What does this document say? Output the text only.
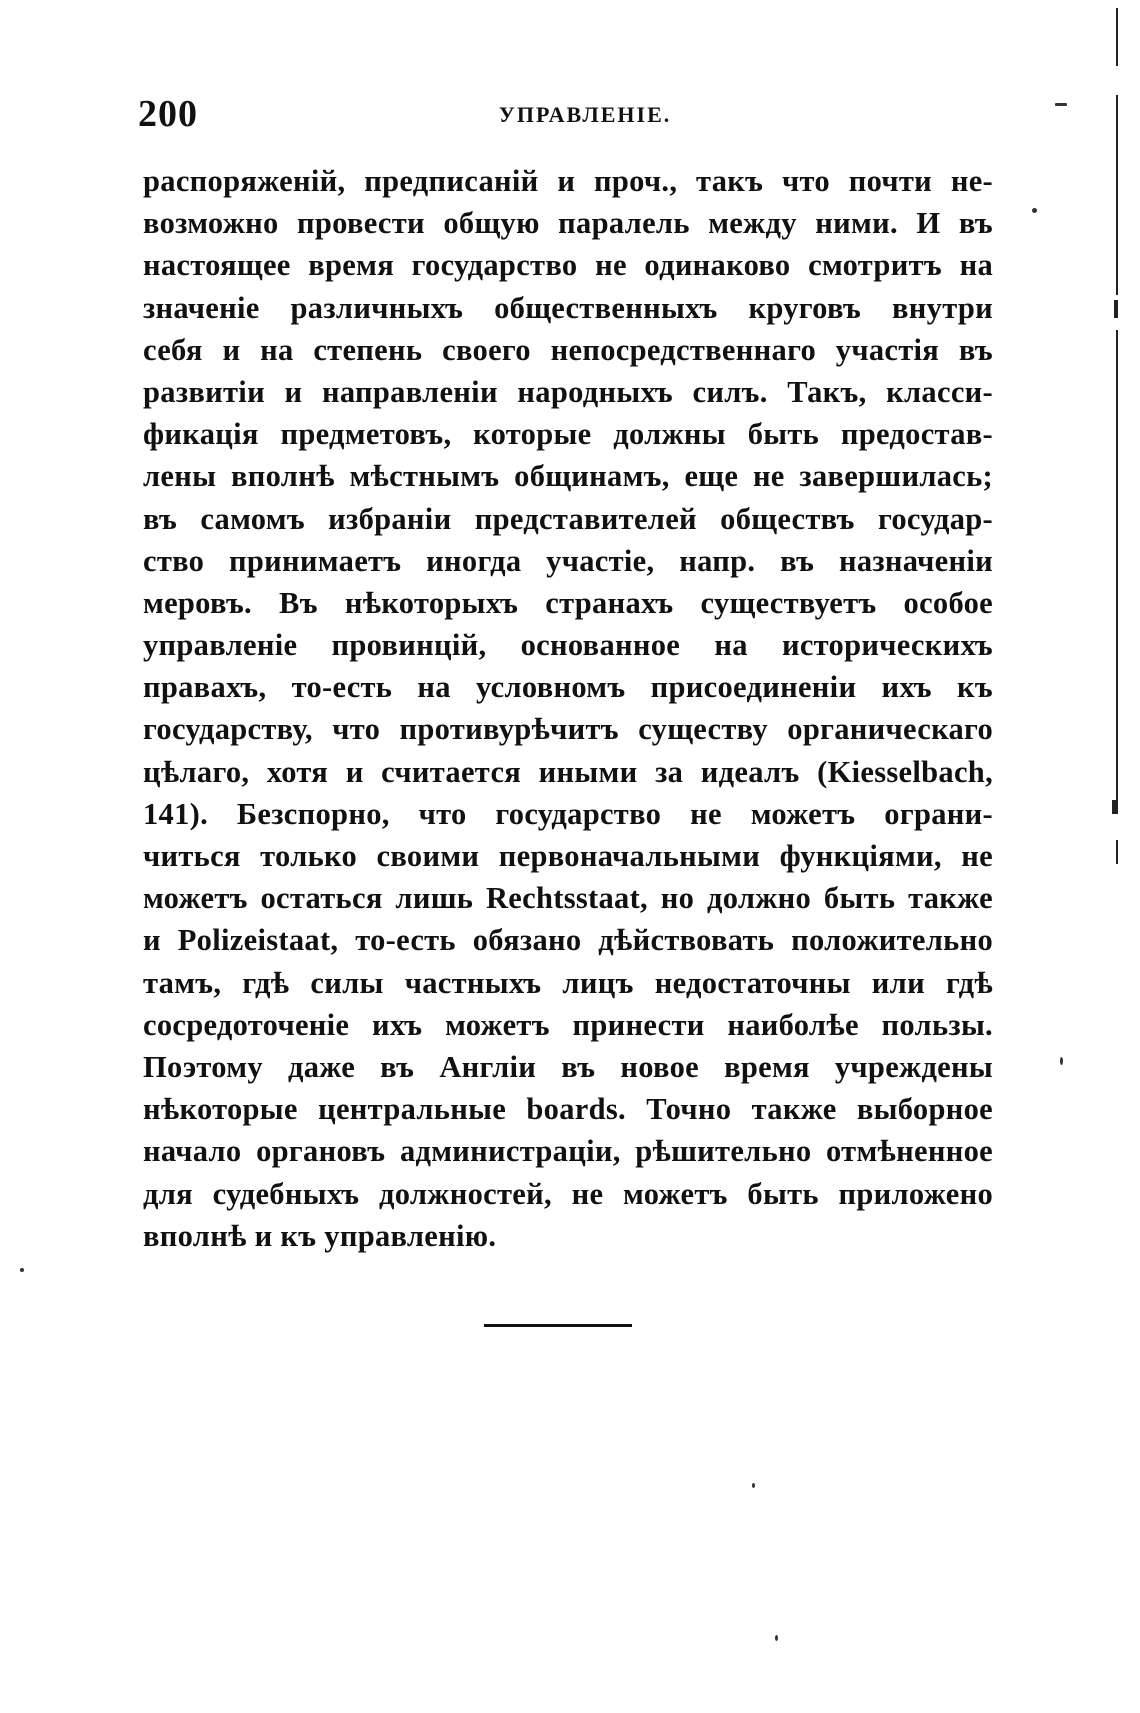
200	УПРАВЛЕНІЕ.
распоряженій, предписаній и проч., такъ что почти не-
возможно провести общую паралель между ними. И въ
настоящее время государство не одинаково смотритъ на
значеніе различныхъ общественныхъ круговъ внутри
себя и на степень своего непосредственнаго участія въ
развитіи и направленіи народныхъ силъ. Такъ, класси-
фикація предметовъ, которые должны быть предостав-
лены вполнѣ мѣстнымъ общинамъ, еще не завершилась;
въ самомъ избраніи представителей обществъ государ-
ство принимаетъ иногда участіе, напр. въ назначеніи
меровъ. Въ нѣкоторыхъ странахъ существуетъ особое
управленіе провинцій, основанное на историческихъ
правахъ, то-есть на условномъ присоединеніи ихъ къ
государству, что противурѣчитъ существу органическаго
цѣлаго, хотя и считается иными за идеалъ (Kiesselbach,
141). Безспорно, что государство не можетъ ограни-
читься только своими первоначальными функціями, не
можетъ остаться лишь Rechtsstaat, но должно быть также
и Polizeistaat, то-есть обязано дѣйствовать положительно
тамъ, гдѣ силы частныхъ лицъ недостаточны или гдѣ
сосредоточеніе ихъ можетъ принести наиболѣе пользы.
Поэтому даже въ Англіи въ новое время учреждены
нѣкоторые центральные boards. Точно также выборное
начало органовъ администраціи, рѣшительно отмѣненное
для судебныхъ должностей, не можетъ быть приложено
вполнѣ и къ управленію.
